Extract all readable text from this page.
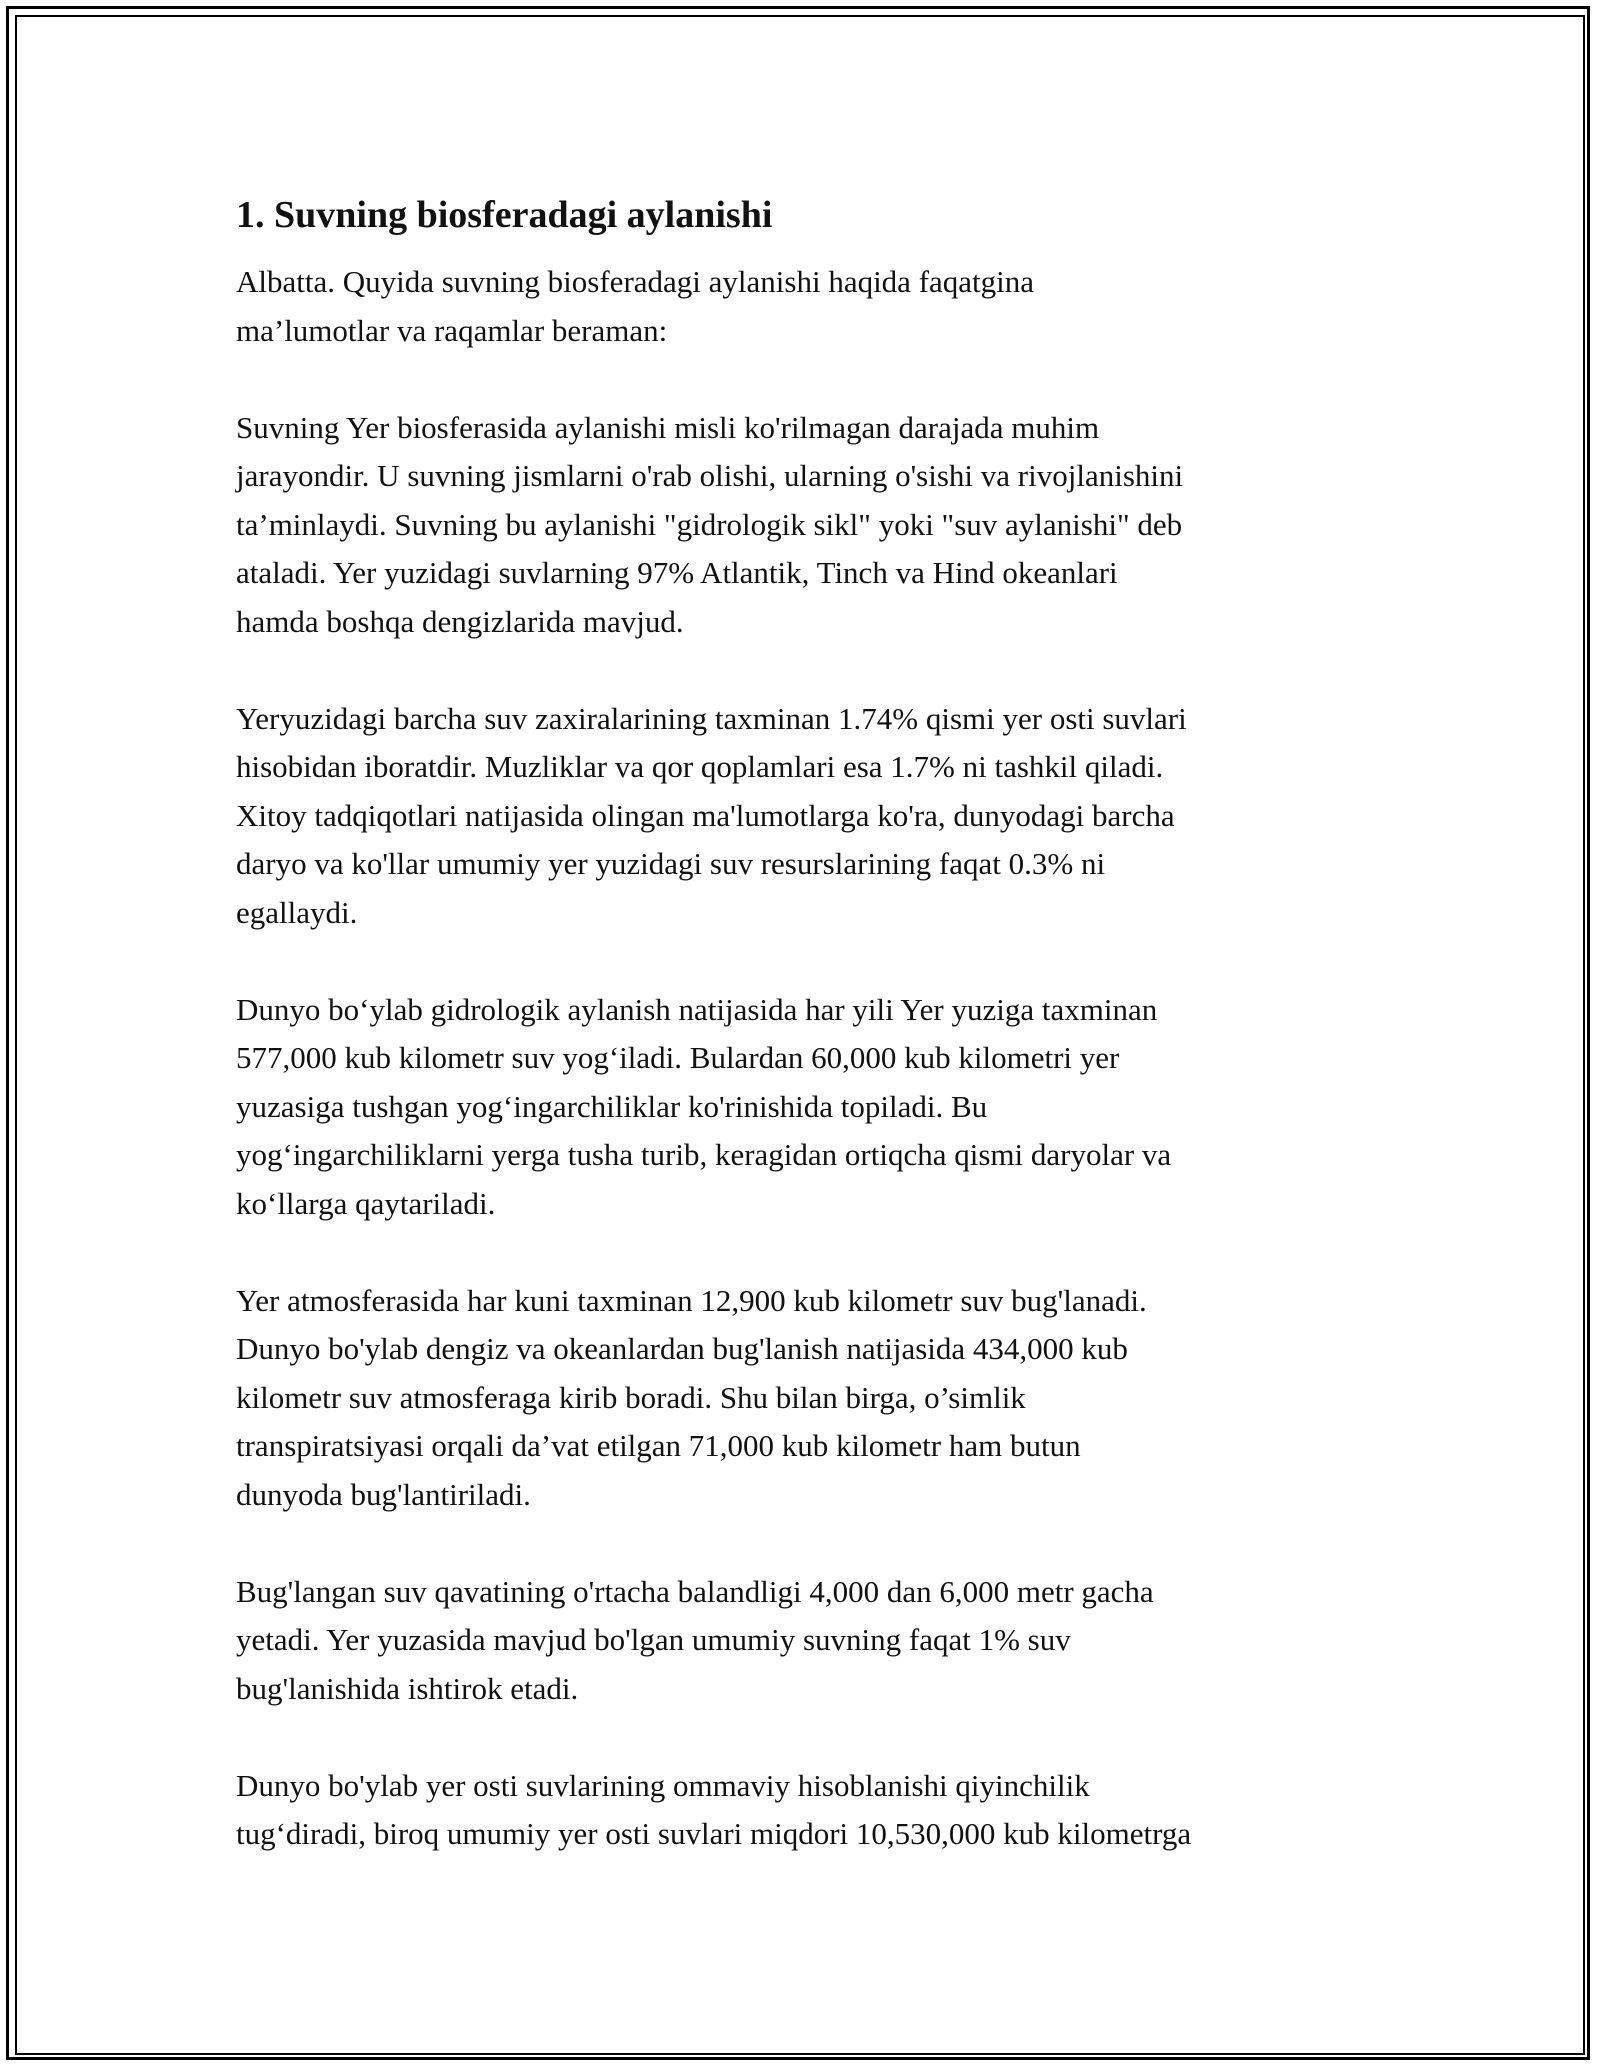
1. Suvning biosferadagi aylanishi
Albatta. Quyida suvning biosferadagi aylanishi haqida faqatgina
ma’lumotlar va raqamlar beraman:
Suvning Yer biosferasida aylanishi misli ko'rilmagan darajada muhim
jarayondir. U suvning jismlarni o'rab olishi, ularning o'sishi va rivojlanishini
ta’minlaydi. Suvning bu aylanishi "gidrologik sikl" yoki "suv aylanishi" deb
ataladi. Yer yuzidagi suvlarning 97% Atlantik, Tinch va Hind okeanlari
hamda boshqa dengizlarida mavjud.
Yeryuzidagi barcha suv zaxiralarining taxminan 1.74% qismi yer osti suvlari
hisobidan iboratdir. Muzliklar va qor qoplamlari esa 1.7% ni tashkil qiladi.
Xitoy tadqiqotlari natijasida olingan ma'lumotlarga ko'ra, dunyodagi barcha
daryo va ko'llar umumiy yer yuzidagi suv resurslarining faqat 0.3% ni
egallaydi.
Dunyo bo‘ylab gidrologik aylanish natijasida har yili Yer yuziga taxminan
577,000 kub kilometr suv yog‘iladi. Bulardan 60,000 kub kilometri yer
yuzasiga tushgan yog‘ingarchiliklar ko'rinishida topiladi. Bu
yog‘ingarchiliklarni yerga tusha turib, keragidan ortiqcha qismi daryolar va
ko‘llarga qaytariladi.
Yer atmosferasida har kuni taxminan 12,900 kub kilometr suv bug'lanadi.
Dunyo bo'ylab dengiz va okeanlardan bug'lanish natijasida 434,000 kub
kilometr suv atmosferaga kirib boradi. Shu bilan birga, o’simlik
transpiratsiyasi orqali da’vat etilgan 71,000 kub kilometr ham butun
dunyoda bug'lantiriladi.
Bug'langan suv qavatining o'rtacha balandligi 4,000 dan 6,000 metr gacha
yetadi. Yer yuzasida mavjud bo'lgan umumiy suvning faqat 1% suv
bug'lanishida ishtirok etadi.
Dunyo bo'ylab yer osti suvlarining ommaviy hisoblanishi qiyinchilik
tug‘diradi, biroq umumiy yer osti suvlari miqdori 10,530,000 kub kilometrga
